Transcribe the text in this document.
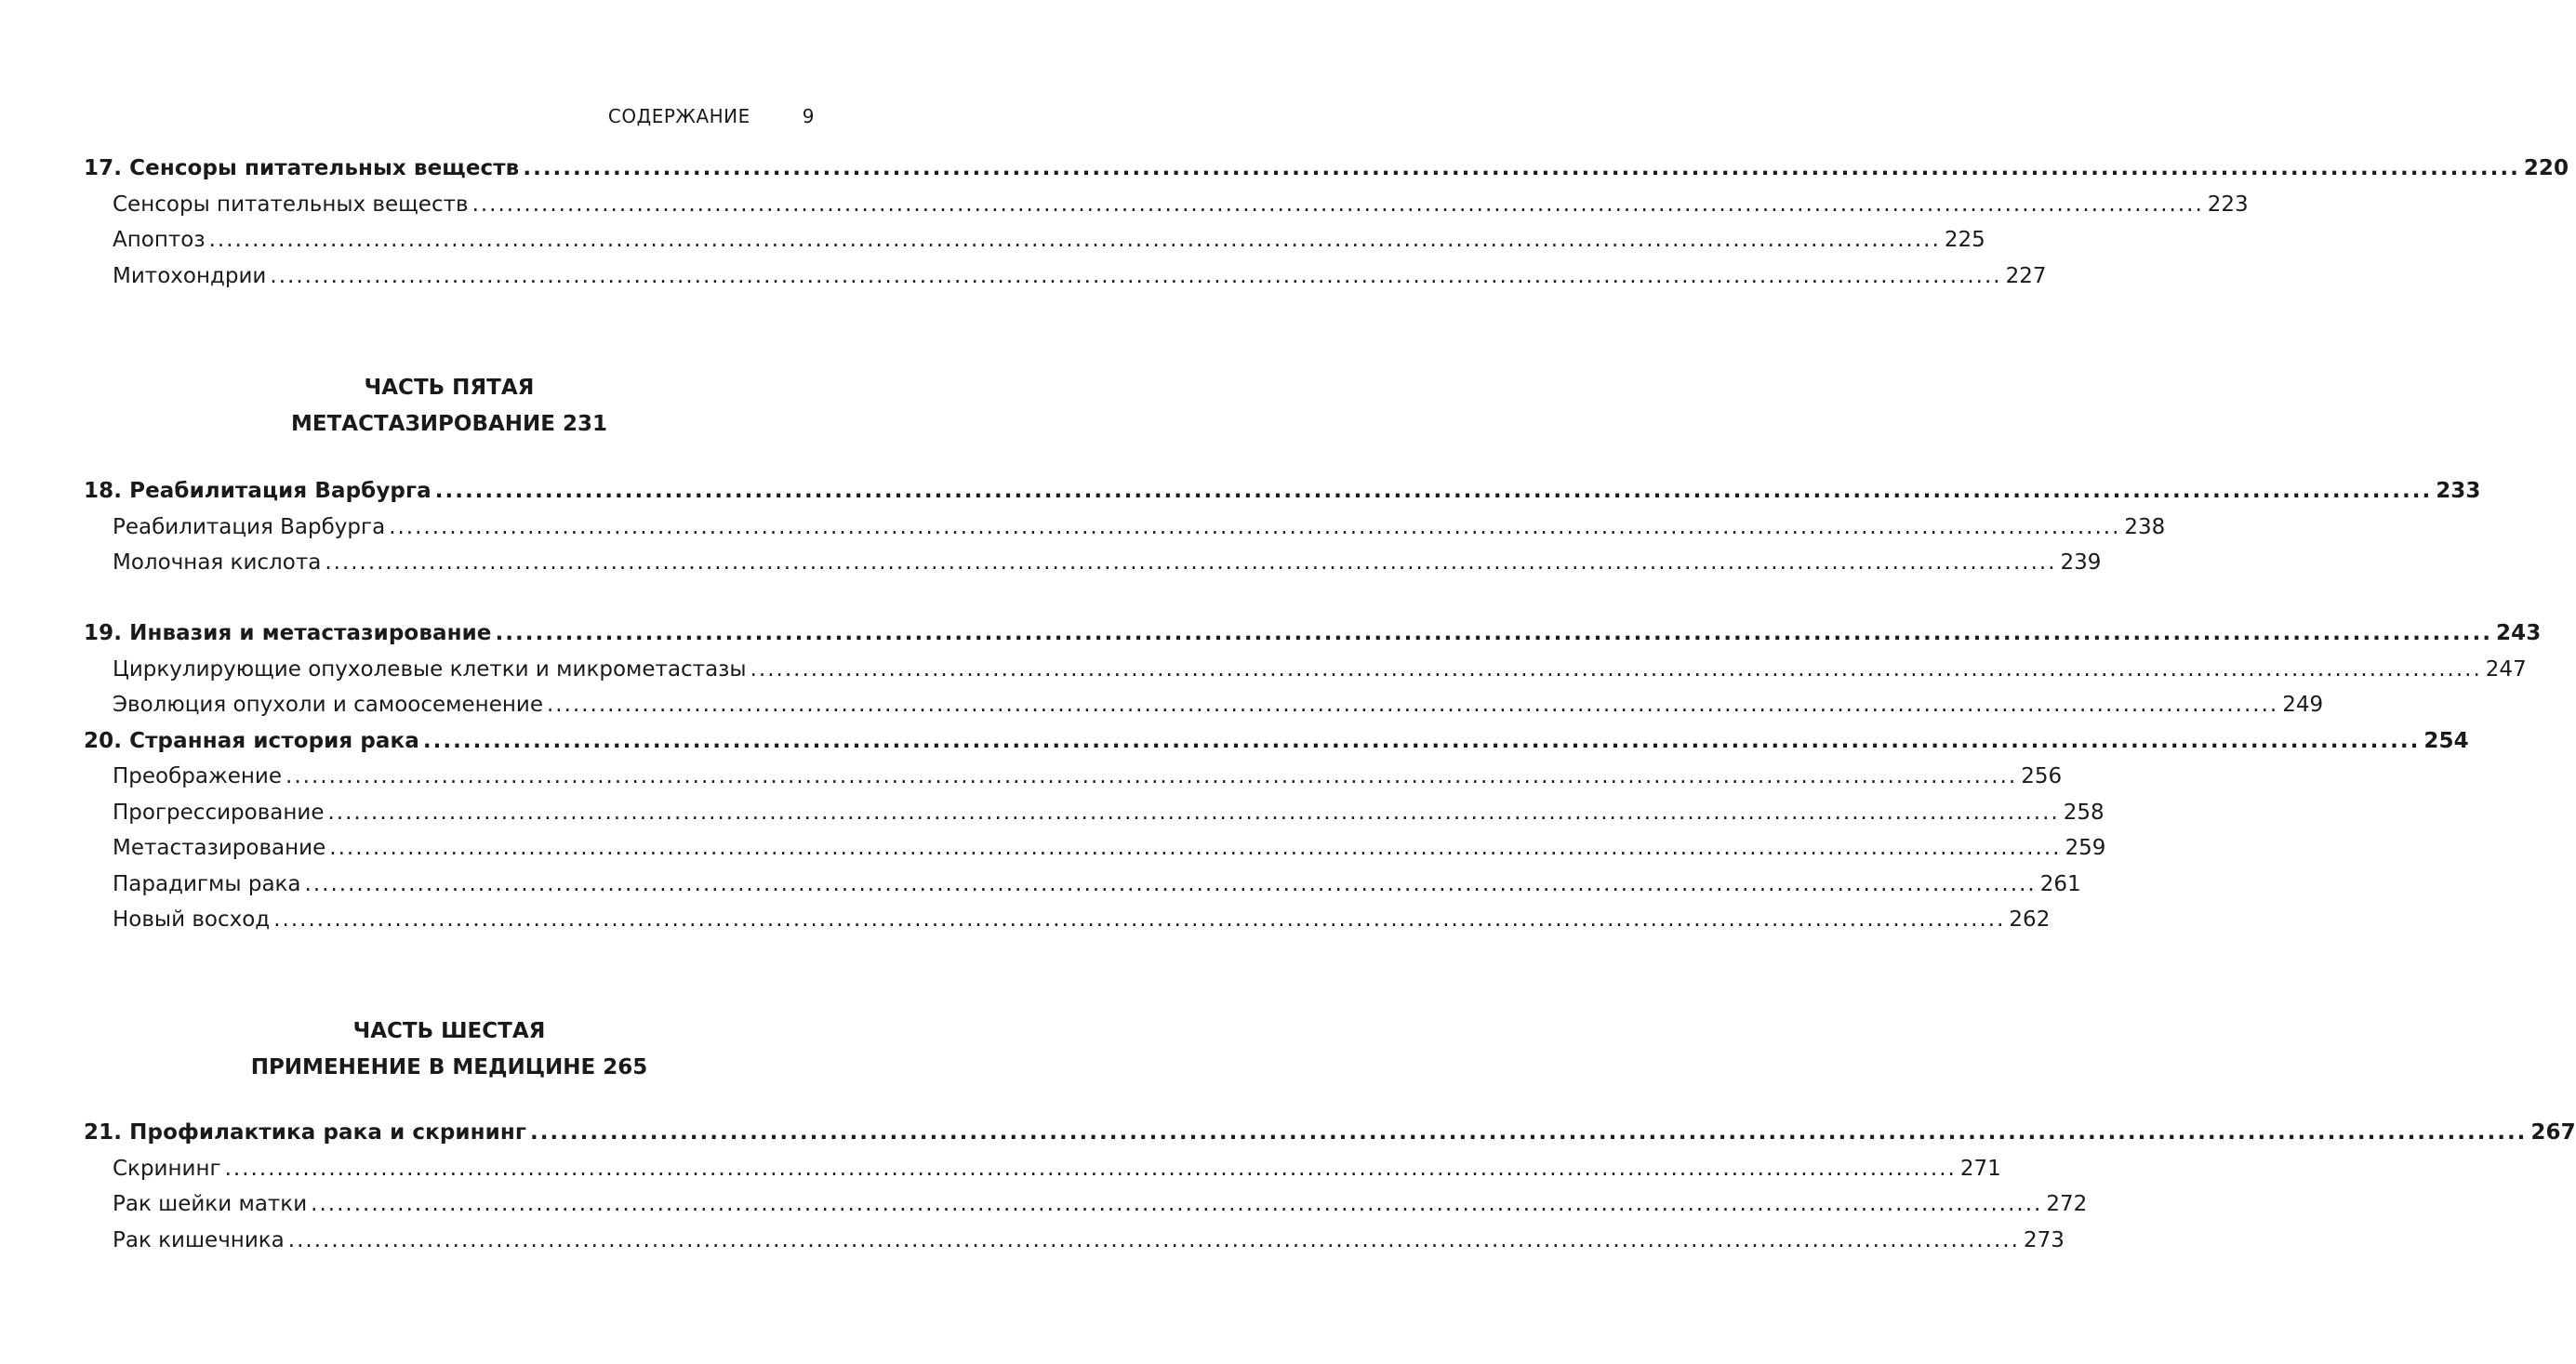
СОДЕРЖАНИЕ	9
17. Сенсоры питательных веществ ........................................................................................................................................................................................................ 220
Сенсоры питательных веществ ........................................................................................................................................................................................................ 223
Апоптоз ........................................................................................................................................................................................................ 225
Митохондрии ........................................................................................................................................................................................................ 227
ЧАСТЬ ПЯТАЯ
МЕТАСТАЗИРОВАНИЕ 231
18. Реабилитация Варбурга ........................................................................................................................................................................................................ 233
Реабилитация Варбурга ........................................................................................................................................................................................................ 238
Молочная кислота ........................................................................................................................................................................................................ 239
19. Инвазия и метастазирование ........................................................................................................................................................................................................ 243
Циркулирующие опухолевые клетки и микрометастазы ........................................................................................................................................................................................................ 247
Эволюция опухоли и самоосеменение ........................................................................................................................................................................................................ 249
20. Странная история рака ........................................................................................................................................................................................................ 254
Преображение ........................................................................................................................................................................................................ 256
Прогрессирование ........................................................................................................................................................................................................ 258
Метастазирование ........................................................................................................................................................................................................ 259
Парадигмы рака ........................................................................................................................................................................................................ 261
Новый восход ........................................................................................................................................................................................................ 262
ЧАСТЬ ШЕСТАЯ
ПРИМЕНЕНИЕ В МЕДИЦИНЕ 265
21. Профилактика рака и скрининг ........................................................................................................................................................................................................ 267
Скрининг ........................................................................................................................................................................................................ 271
Рак шейки матки ........................................................................................................................................................................................................ 272
Рак кишечника ........................................................................................................................................................................................................ 273
